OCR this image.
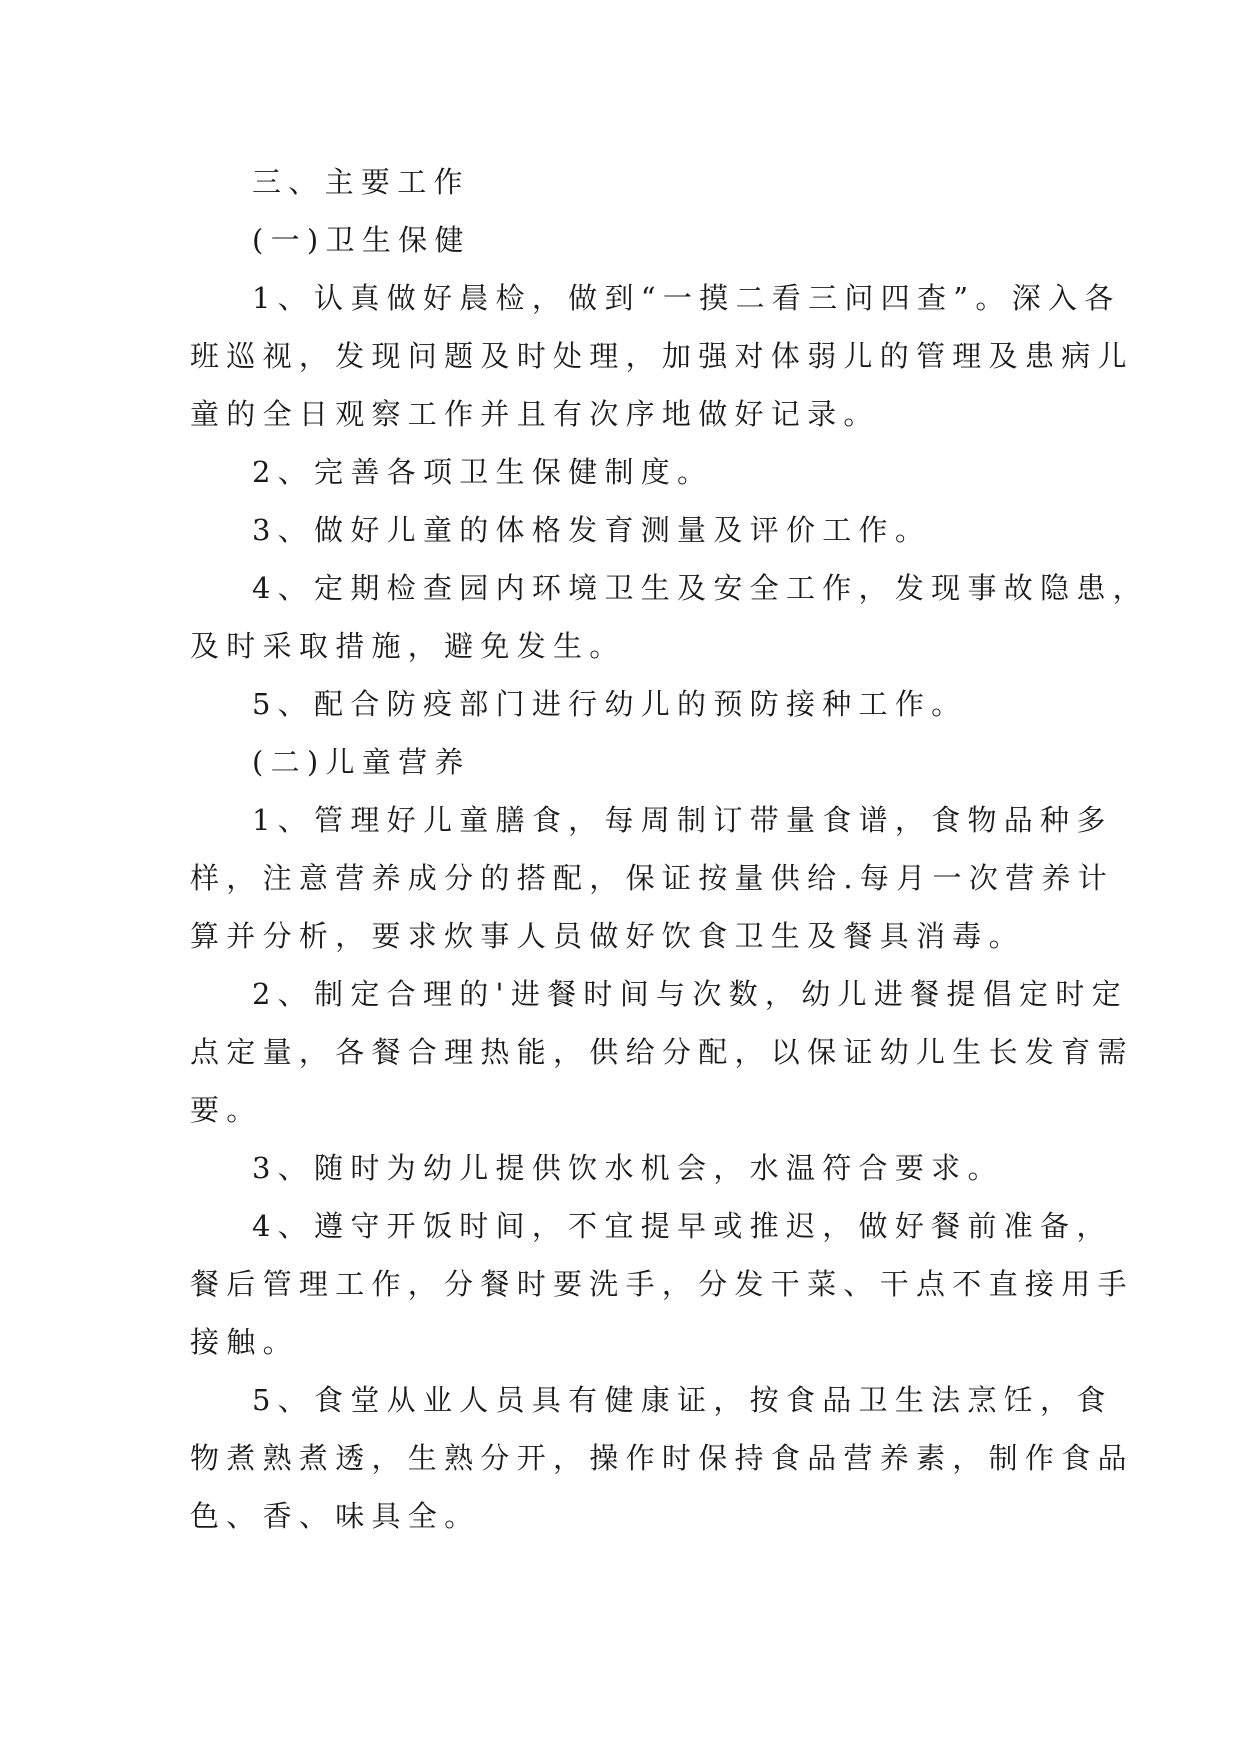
三、主要工作
(一)卫生保健
1、认真做好晨检，做到“一摸二看三问四查”。深入各
班巡视，发现问题及时处理，加强对体弱儿的管理及患病儿
童的全日观察工作并且有次序地做好记录。
2、完善各项卫生保健制度。
3、做好儿童的体格发育测量及评价工作。
4、定期检查园内环境卫生及安全工作，发现事故隐患，
及时采取措施，避免发生。
5、配合防疫部门进行幼儿的预防接种工作。
(二)儿童营养
1、管理好儿童膳食，每周制订带量食谱，食物品种多
样，注意营养成分的搭配，保证按量供给.每月一次营养计
算并分析，要求炊事人员做好饮食卫生及餐具消毒。
2、制定合理的'进餐时间与次数，幼儿进餐提倡定时定
点定量，各餐合理热能，供给分配，以保证幼儿生长发育需
要。
3、随时为幼儿提供饮水机会，水温符合要求。
4、遵守开饭时间，不宜提早或推迟，做好餐前准备，
餐后管理工作，分餐时要洗手，分发干菜、干点不直接用手
接触。
5、食堂从业人员具有健康证，按食品卫生法烹饪，食
物煮熟煮透，生熟分开，操作时保持食品营养素，制作食品
色、香、味具全。
